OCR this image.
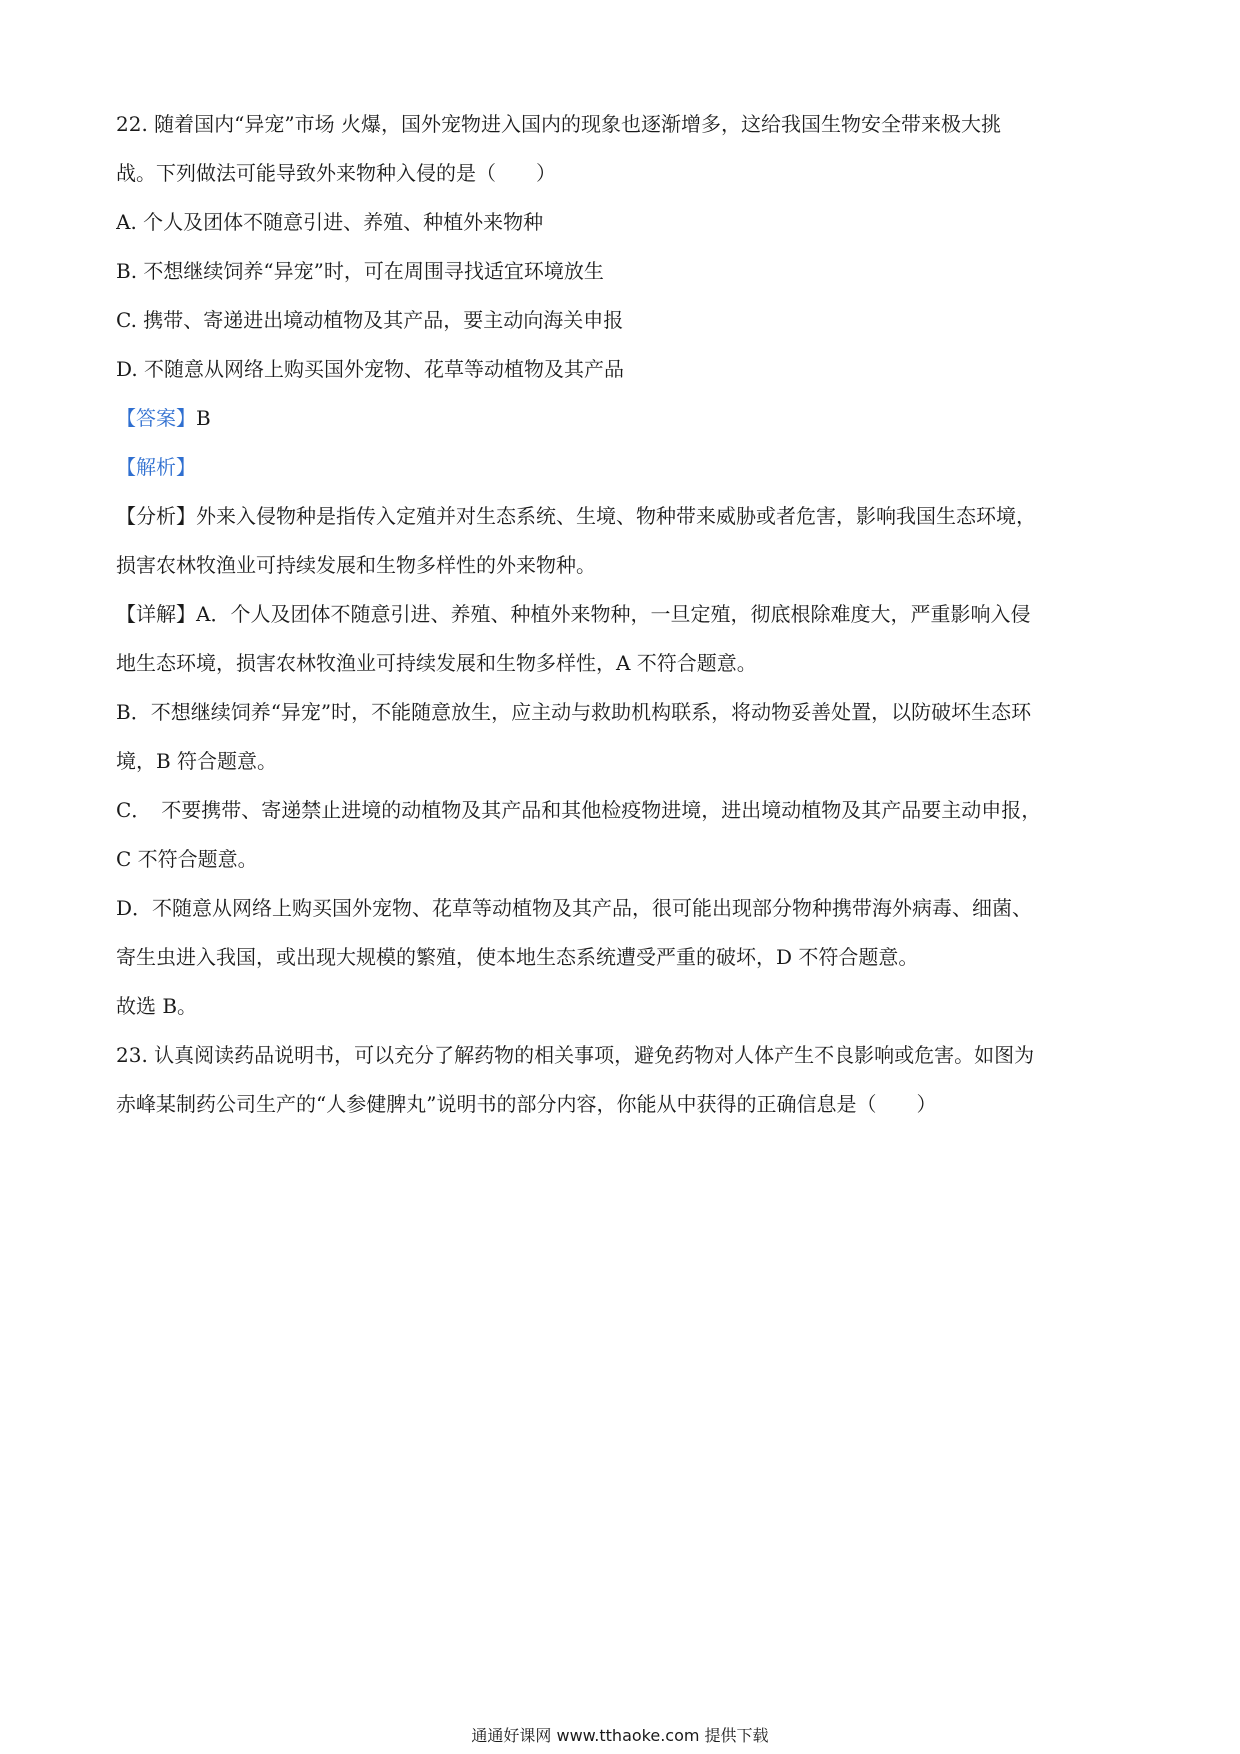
22. 随着国内“异宠”市场 火爆，国外宠物进入国内的现象也逐渐增多，这给我国生物安全带来极大挑
战。下列做法可能导致外来物种入侵的是（　　）
A. 个人及团体不随意引进、养殖、种植外来物种
B. 不想继续饲养“异宠”时，可在周围寻找适宜环境放生
C. 携带、寄递进出境动植物及其产品，要主动向海关申报
D. 不随意从网络上购买国外宠物、花草等动植物及其产品
【答案】B
【解析】
【分析】外来入侵物种是指传入定殖并对生态系统、生境、物种带来威胁或者危害，影响我国生态环境，
损害农林牧渔业可持续发展和生物多样性的外来物种。
【详解】A．个人及团体不随意引进、养殖、种植外来物种，一旦定殖，彻底根除难度大，严重影响入侵
地生态环境，损害农林牧渔业可持续发展和生物多样性，A 不符合题意。
B．不想继续饲养“异宠”时，不能随意放生，应主动与救助机构联系，将动物妥善处置，以防破坏生态环
境，B 符合题意。
C．　不要携带、寄递禁止进境的动植物及其产品和其他检疫物进境，进出境动植物及其产品要主动申报，
C 不符合题意。
D．不随意从网络上购买国外宠物、花草等动植物及其产品，很可能出现部分物种携带海外病毒、细菌、
寄生虫进入我国，或出现大规模的繁殖，使本地生态系统遭受严重的破坏，D 不符合题意。
故选 B。
23. 认真阅读药品说明书，可以充分了解药物的相关事项，避免药物对人体产生不良影响或危害。如图为
赤峰某制药公司生产的“人参健脾丸”说明书的部分内容，你能从中获得的正确信息是（　　）
通通好课网 www.tthaoke.com 提供下载
